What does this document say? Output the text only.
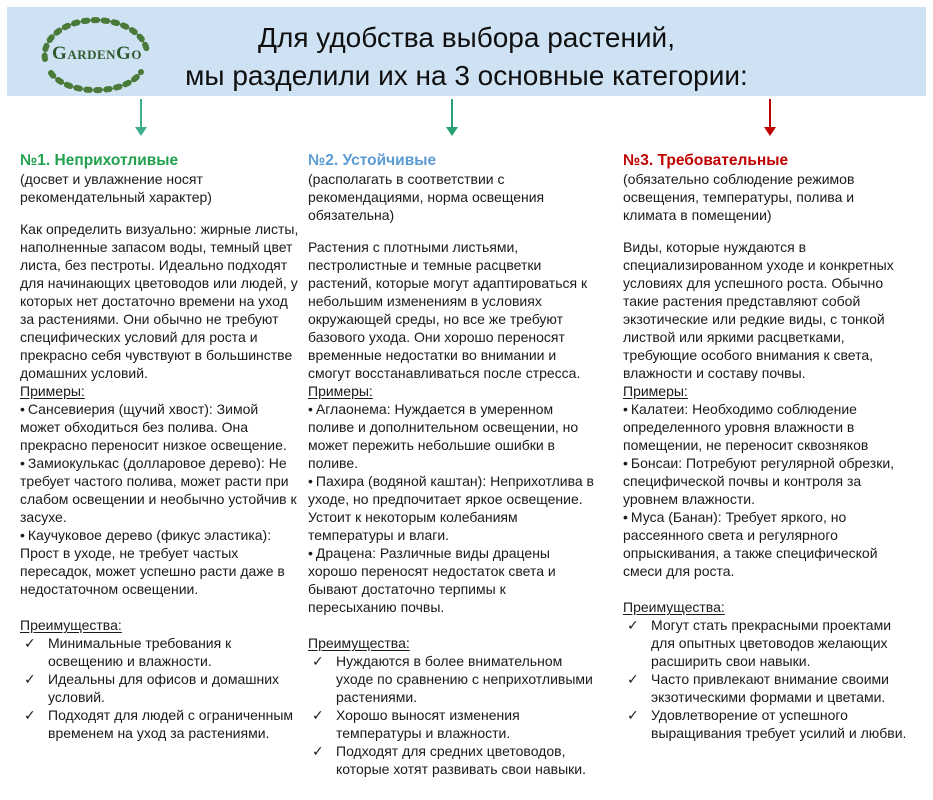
GardenGo
Для удобства выбора растений,
мы разделили их на 3 основные категории:
№1. Неприхотливые

(досвет и увлажнение носят рекомендательный характер)

Как определить визуально: жирные листы, наполненные запасом воды, темный цвет листа, без пестроты. Идеально подходят для начинающих цветоводов или людей, у которых нет достаточно времени на уход за растениями. Они обычно не требуют специфических условий для роста и прекрасно себя чувствуют в большинстве домашних условий.

Примеры:
• Сансевиерия (щучий хвост): Зимой может обходиться без полива. Она прекрасно переносит низкое освещение.
• Замиокулькас (долларовое дерево): Не требует частого полива, может расти при слабом освещении и необычно устойчив к засухе.
• Каучуковое дерево (фикус эластика): Прост в уходе, не требует частых пересадок, может успешно расти даже в недостаточном освещении.
Преимущества:
✓ Минимальные требования к освещению и влажности.
✓ Идеальны для офисов и домашних условий.
✓ Подходят для людей с ограниченным временем на уход за растениями.
№2. Устойчивые

(располагать в соответствии с рекомендациями, норма освещения обязательна)

Растения с плотными листьями, пестролистные и темные расцветки растений, которые могут адаптироваться к небольшим изменениям в условиях окружающей среды, но все же требуют базового ухода. Они хорошо переносят временные недостатки во внимании и смогут восстанавливаться после стресса.

Примеры:
• Аглаонема: Нуждается в умеренном поливе и дополнительном освещении, но может пережить небольшие ошибки в поливе.
• Пахира (водяной каштан): Неприхотлива в уходе, но предпочитает яркое освещение. Устоит к некоторым колебаниям температуры и влаги.
• Драцена: Различные виды драцены хорошо переносят недостаток света и бывают достаточно терпимы к пересыханию почвы.
Преимущества:
✓ Нуждаются в более внимательном уходе по сравнению с неприхотливыми растениями.
✓ Хорошо выносят изменения температуры и влажности.
✓ Подходят для средних цветоводов, которые хотят развивать свои навыки.
№3. Требовательные

(обязательно соблюдение режимов освещения, температуры, полива и климата в помещении)

Виды, которые нуждаются в специализированном уходе и конкретных условиях для успешного роста. Обычно такие растения представляют собой экзотические или редкие виды, с тонкой листвой или яркими расцветками, требующие особого внимания к света, влажности и составу почвы.

Примеры:
• Калатеи: Необходимо соблюдение определенного уровня влажности в помещении, не переносит сквозняков
• Бонсаи: Потребуют регулярной обрезки, специфической почвы и контроля за уровнем влажности.
• Муса (Банан): Требует яркого, но рассеянного света и регулярного опрыскивания, а также специфической смеси для роста.
Преимущества:
✓ Могут стать прекрасными проектами для опытных цветоводов желающих расширить свои навыки.
✓ Часто привлекают внимание своими экзотическими формами и цветами.
✓ Удовлетворение от успешного выращивания требует усилий и любви.
